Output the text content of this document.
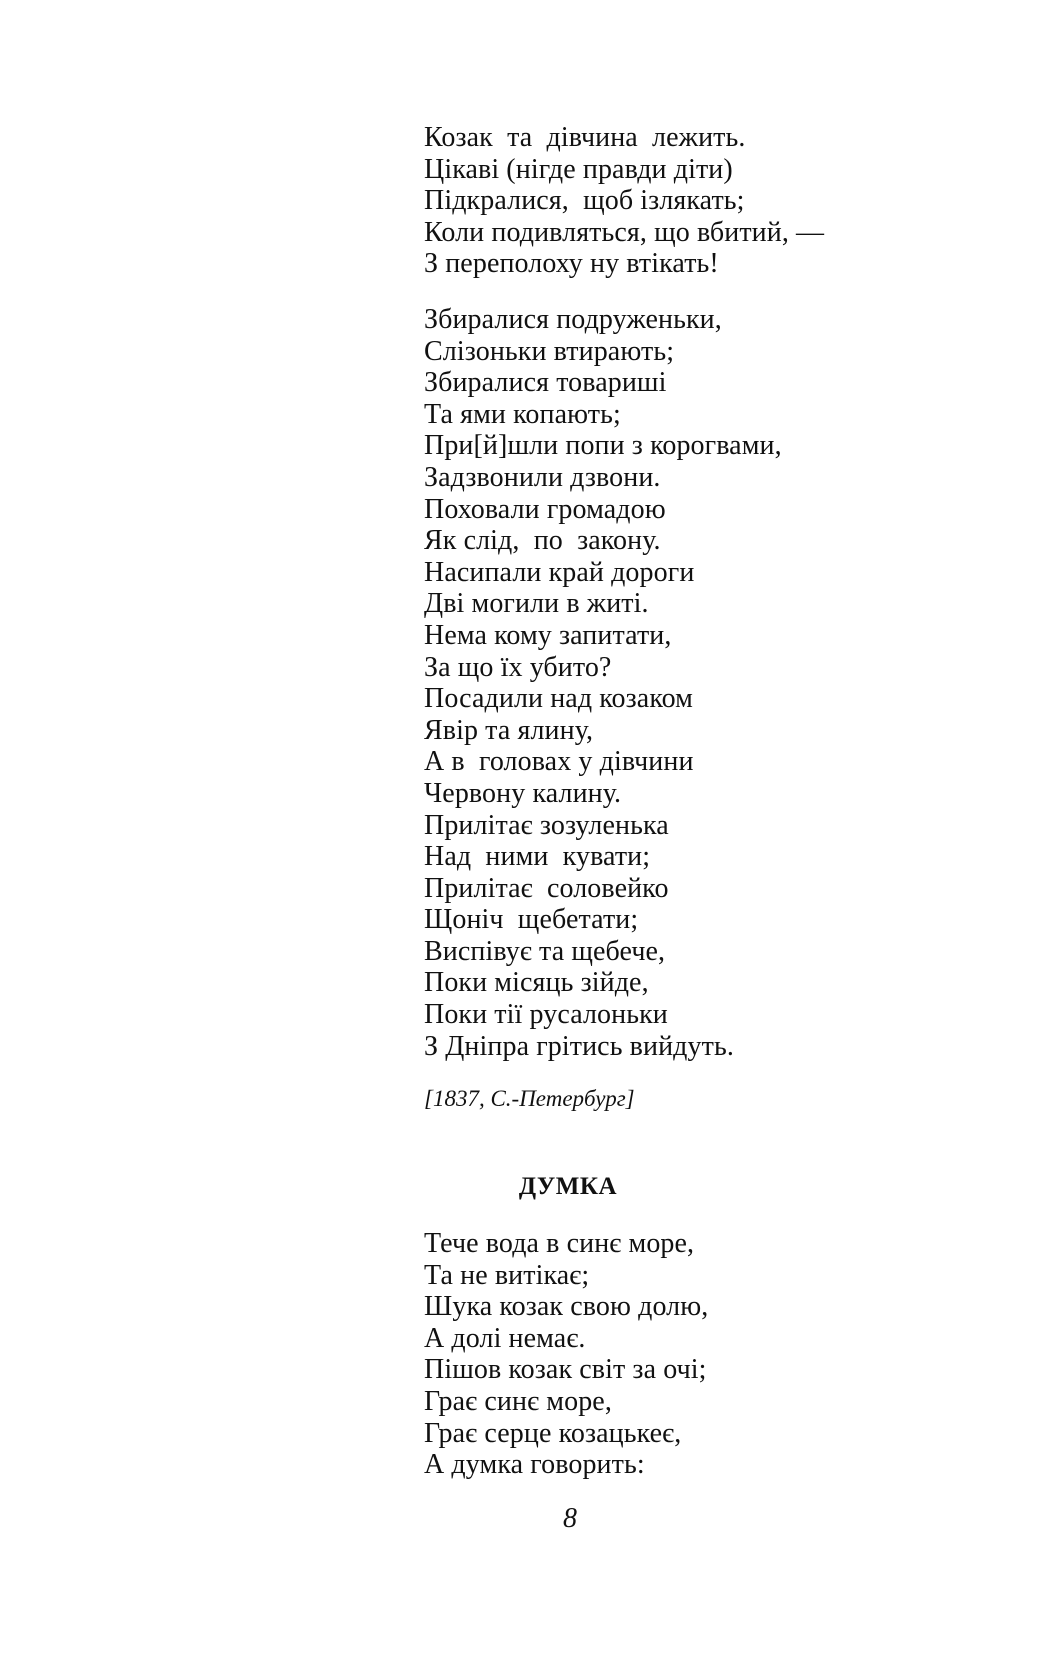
Козак  та  дівчина  лежить.
Цікаві (нігде правди діти)
Підкралися,  щоб ізлякать;
Коли подивляться, що вбитий, —
З переполоху ну втікать!
Збиралися подруженьки,
Слізоньки втирають;
Збиралися товариші
Та ями копають;
При[й]шли попи з корогвами,
Задзвонили дзвони.
Поховали громадою
Як слід,  по  закону.
Насипали край дороги
Дві могили в житі.
Нема кому запитати,
За що їх убито?
Посадили над козаком
Явір та ялину,
А в  головах у дівчини
Червону калину.
Прилітає зозуленька
Над  ними  кувати;
Прилітає  соловейко
Щоніч  щебетати;
Виспівує та щебече,
Поки місяць зійде,
Поки тії русалоньки
З Дніпра грітись вийдуть.
[1837, С.-Петербург]
ДУМКА
Тече вода в синє море,
Та не витікає;
Шука козак свою долю,
А долі немає.
Пішов козак світ за очі;
Грає синє море,
Грає серце козацькеє,
А думка говорить:
8
